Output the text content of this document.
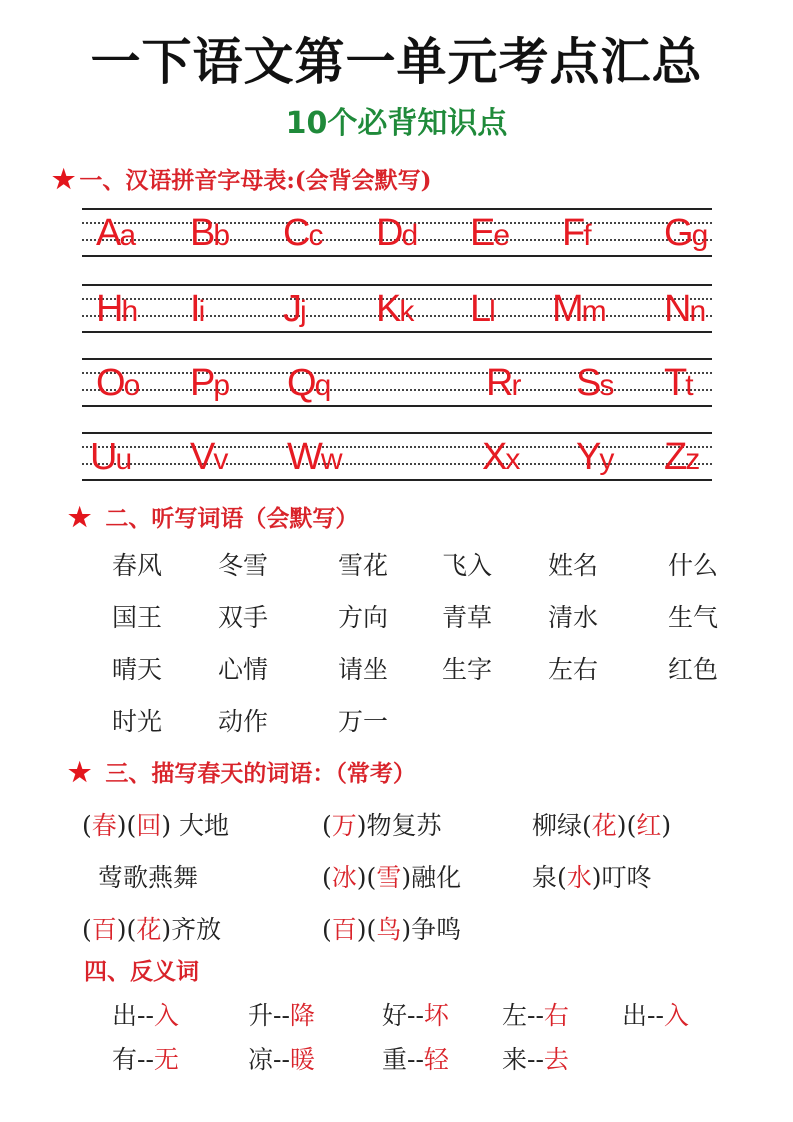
一下语文第一单元考点汇总
10个必背知识点
★ 一、汉语拼音字母表:(会背会默写)
Aa Bb Cc Dd Ee Ff Gg
Hh Ii Jj Kk Ll Mm Nn
Oo Pp Qq	Rr Ss Tt
Uu Vv Ww	Xx Yy Zz
★ 二、听写词语（会默写）
春风 冬雪	雪花 飞入 姓名	什么
国王 双手	方向 青草 清水	生气
晴天 心情	请坐 生字 左右	红色
时光 动作	万一
★ 三、描写春天的词语：（常考）
(春)(回) 大地	(万)物复苏	柳绿(花)(红)
莺歌燕舞	(冰)(雪)融化	泉(水)叮咚
(百)(花)齐放	(百)(鸟)争鸣
四、反义词
出--入	升--降	好--坏 左--右 出--入
有--无	凉--暖	重--轻 来--去
